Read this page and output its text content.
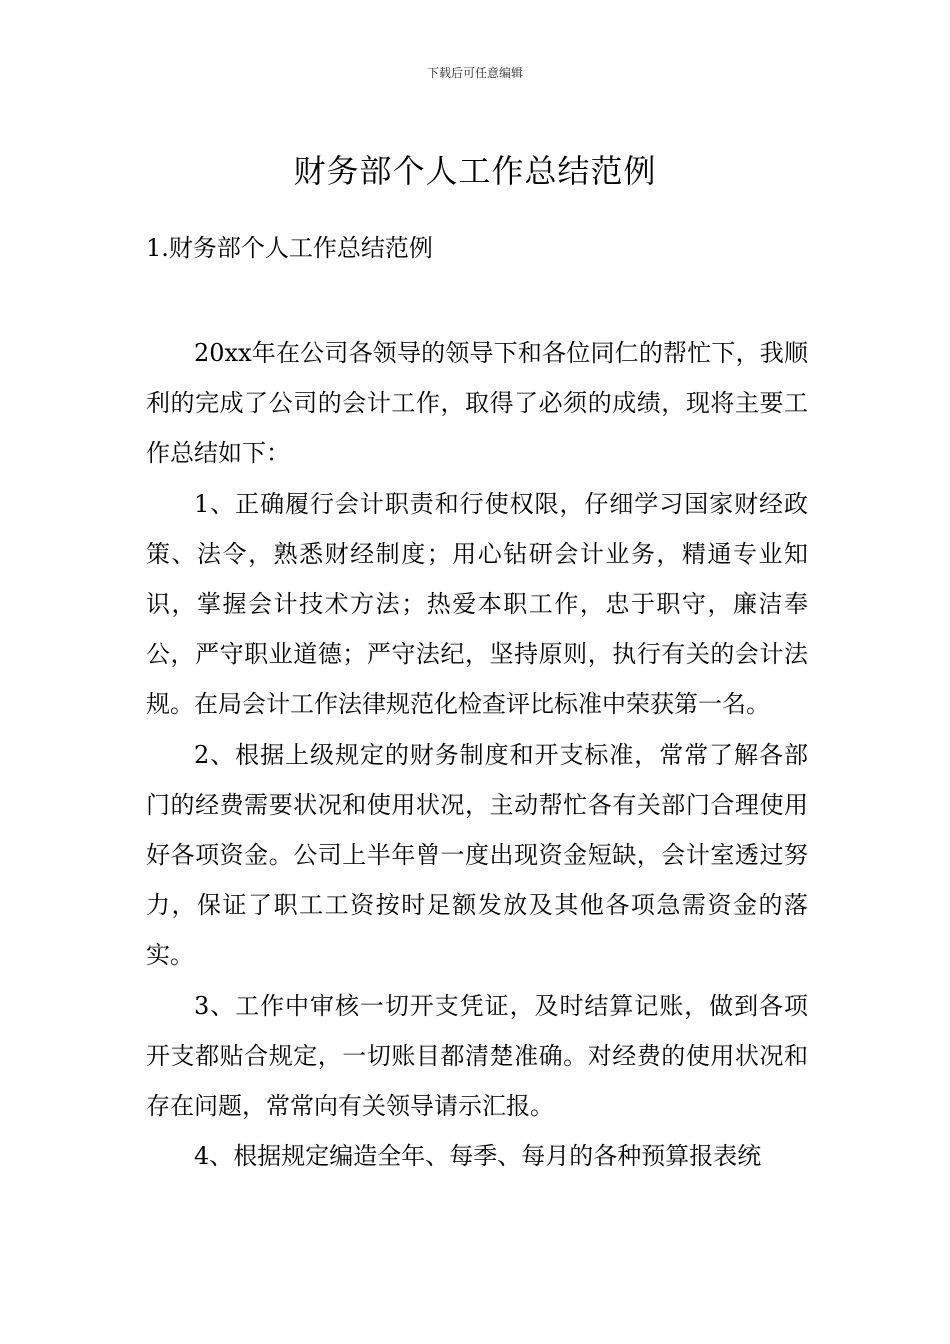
下载后可任意编辑
财务部个人工作总结范例
1.财务部个人工作总结范例

20xx年在公司各领导的领导下和各位同仁的帮忙下，我顺利的完成了公司的会计工作，取得了必须的成绩，现将主要工作总结如下：

1、正确履行会计职责和行使权限，仔细学习国家财经政策、法令，熟悉财经制度；用心钻研会计业务，精通专业知识，掌握会计技术方法；热爱本职工作，忠于职守，廉洁奉公，严守职业道德；严守法纪，坚持原则，执行有关的会计法规。在局会计工作法律规范化检查评比标准中荣获第一名。

2、根据上级规定的财务制度和开支标准，常常了解各部门的经费需要状况和使用状况，主动帮忙各有关部门合理使用好各项资金。公司上半年曾一度出现资金短缺，会计室透过努力，保证了职工工资按时足额发放及其他各项急需资金的落实。

3、工作中审核一切开支凭证，及时结算记账，做到各项开支都贴合规定，一切账目都清楚准确。对经费的使用状况和存在问题，常常向有关领导请示汇报。

4、根据规定编造全年、每季、每月的各种预算报表统
